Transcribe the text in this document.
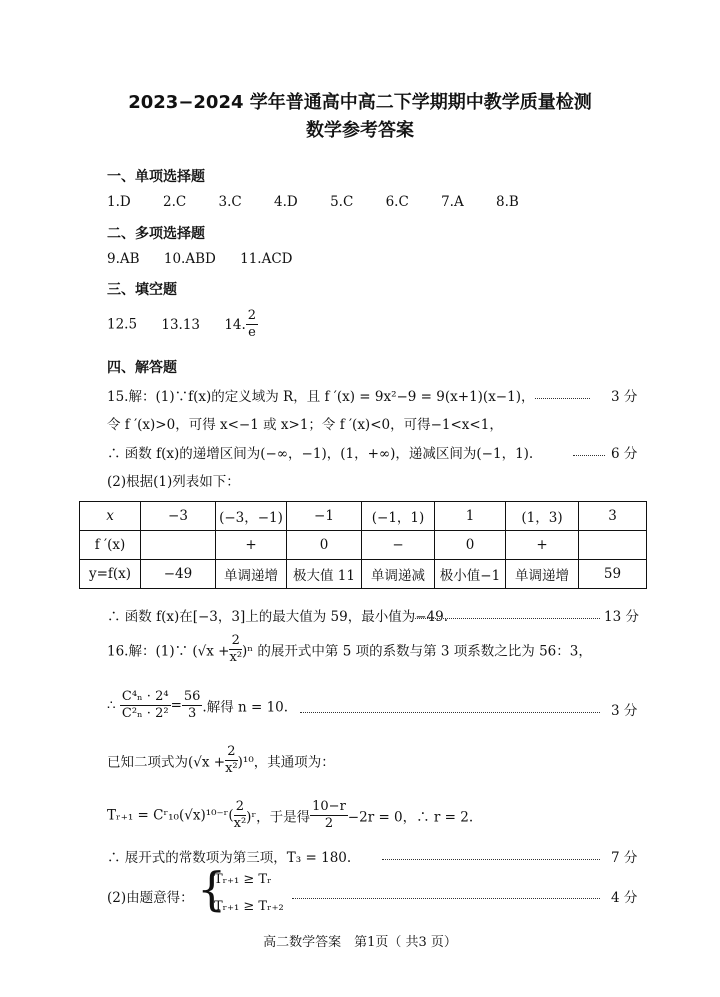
2023−2024 学年普通高中高二下学期期中教学质量检测
数学参考答案
一、单项选择题
1.D 2.C 3.C 4.D 5.C 6.C 7.A 8.B
二、多项选择题
9.AB 10.ABD 11.ACD
三、填空题
12.5 13.13 14. $\frac{2}{e}$
四、解答题
15.解：(1)∵f(x)的定义域为 R，且 f ′(x) = 9x²−9 = 9(x+1)(x−1)，	3 分
令 f ′(x)>0，可得 x<−1 或 x>1；令 f ′(x)<0，可得−1<x<1，
∴ 函数 f(x)的递增区间为(−∞，−1)，(1，+∞)，递减区间为(−1，1).	6 分
(2)根据(1)列表如下：
x	−3	(−3，−1)	−1	(−1，1)	1	(1，3)	3
f ′(x)		+	0	−	0	+	
y=f(x)	−49	单调递增	极大值 11	单调递减	极小值−1	单调递增	59
∴ 函数 f(x)在[−3，3]上的最大值为 59，最小值为−49.	13 分
16.解：(1)∵ $(√x + \frac{2}{\text{x²}} )^n$ 的展开式中第 5 项的系数与第 3 项系数之比为 56：3，
∴ $\frac{\text{C⁴ₙ · 2⁴}}{\text{C²ₙ · 2²}} = \frac{56}{3}$ .解得 n = 10.	3 分
已知二项式为$(√x + \frac{2}{\text{x²}} )^{10}$，其通项为：
Tᵣ₊₁ = Cʳ₁₀(√x)¹⁰⁻ʳ( $\frac{2}{\text{x²}}$ )ʳ，于是得 $\frac{10-r}{2} -2r = 0$，∴ r = 2.
∴ 展开式的常数项为第三项，T₃ = 180.	7 分
(2)由题意得： {
Tᵣ₊₁ ≥ Tᵣ
Tᵣ₊₁ ≥ Tᵣ₊₂
4 分
高二数学答案　第1页（ 共3 页）
